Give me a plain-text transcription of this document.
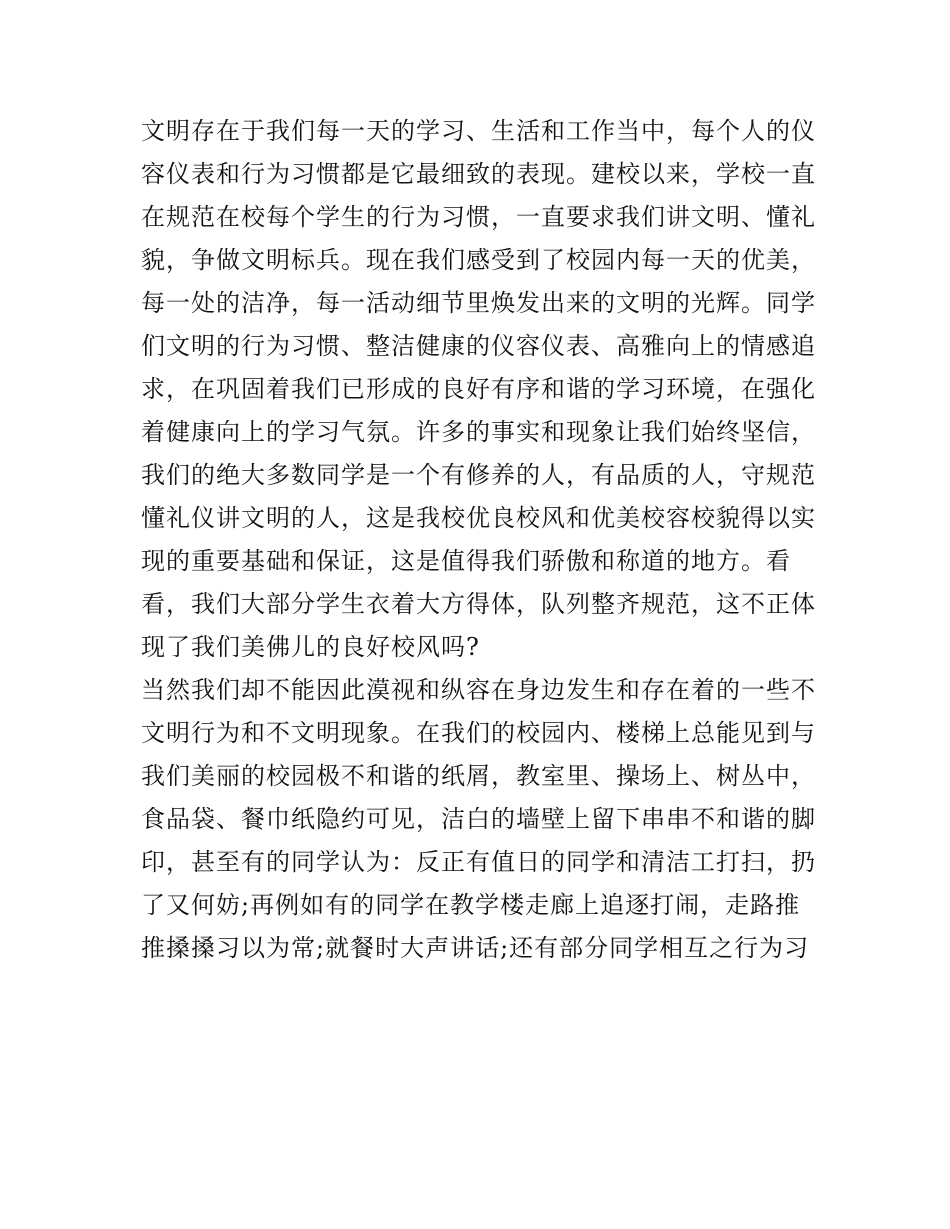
文明存在于我们每一天的学习、生活和工作当中，每个人的仪
容仪表和行为习惯都是它最细致的表现。建校以来，学校一直
在规范在校每个学生的行为习惯，一直要求我们讲文明、懂礼
貌，争做文明标兵。现在我们感受到了校园内每一天的优美，
每一处的洁净，每一活动细节里焕发出来的文明的光辉。同学
们文明的行为习惯、整洁健康的仪容仪表、高雅向上的情感追
求，在巩固着我们已形成的良好有序和谐的学习环境，在强化
着健康向上的学习气氛。许多的事实和现象让我们始终坚信，
我们的绝大多数同学是一个有修养的人，有品质的人，守规范
懂礼仪讲文明的人，这是我校优良校风和优美校容校貌得以实
现的重要基础和保证，这是值得我们骄傲和称道的地方。看
看，我们大部分学生衣着大方得体，队列整齐规范，这不正体
现了我们美佛儿的良好校风吗?
当然我们却不能因此漠视和纵容在身边发生和存在着的一些不
文明行为和不文明现象。在我们的校园内、楼梯上总能见到与
我们美丽的校园极不和谐的纸屑，教室里、操场上、树丛中，
食品袋、餐巾纸隐约可见，洁白的墙壁上留下串串不和谐的脚
印，甚至有的同学认为：反正有值日的同学和清洁工打扫，扔
了又何妨;再例如有的同学在教学楼走廊上追逐打闹，走路推
推搡搡习以为常;就餐时大声讲话;还有部分同学相互之行为习
